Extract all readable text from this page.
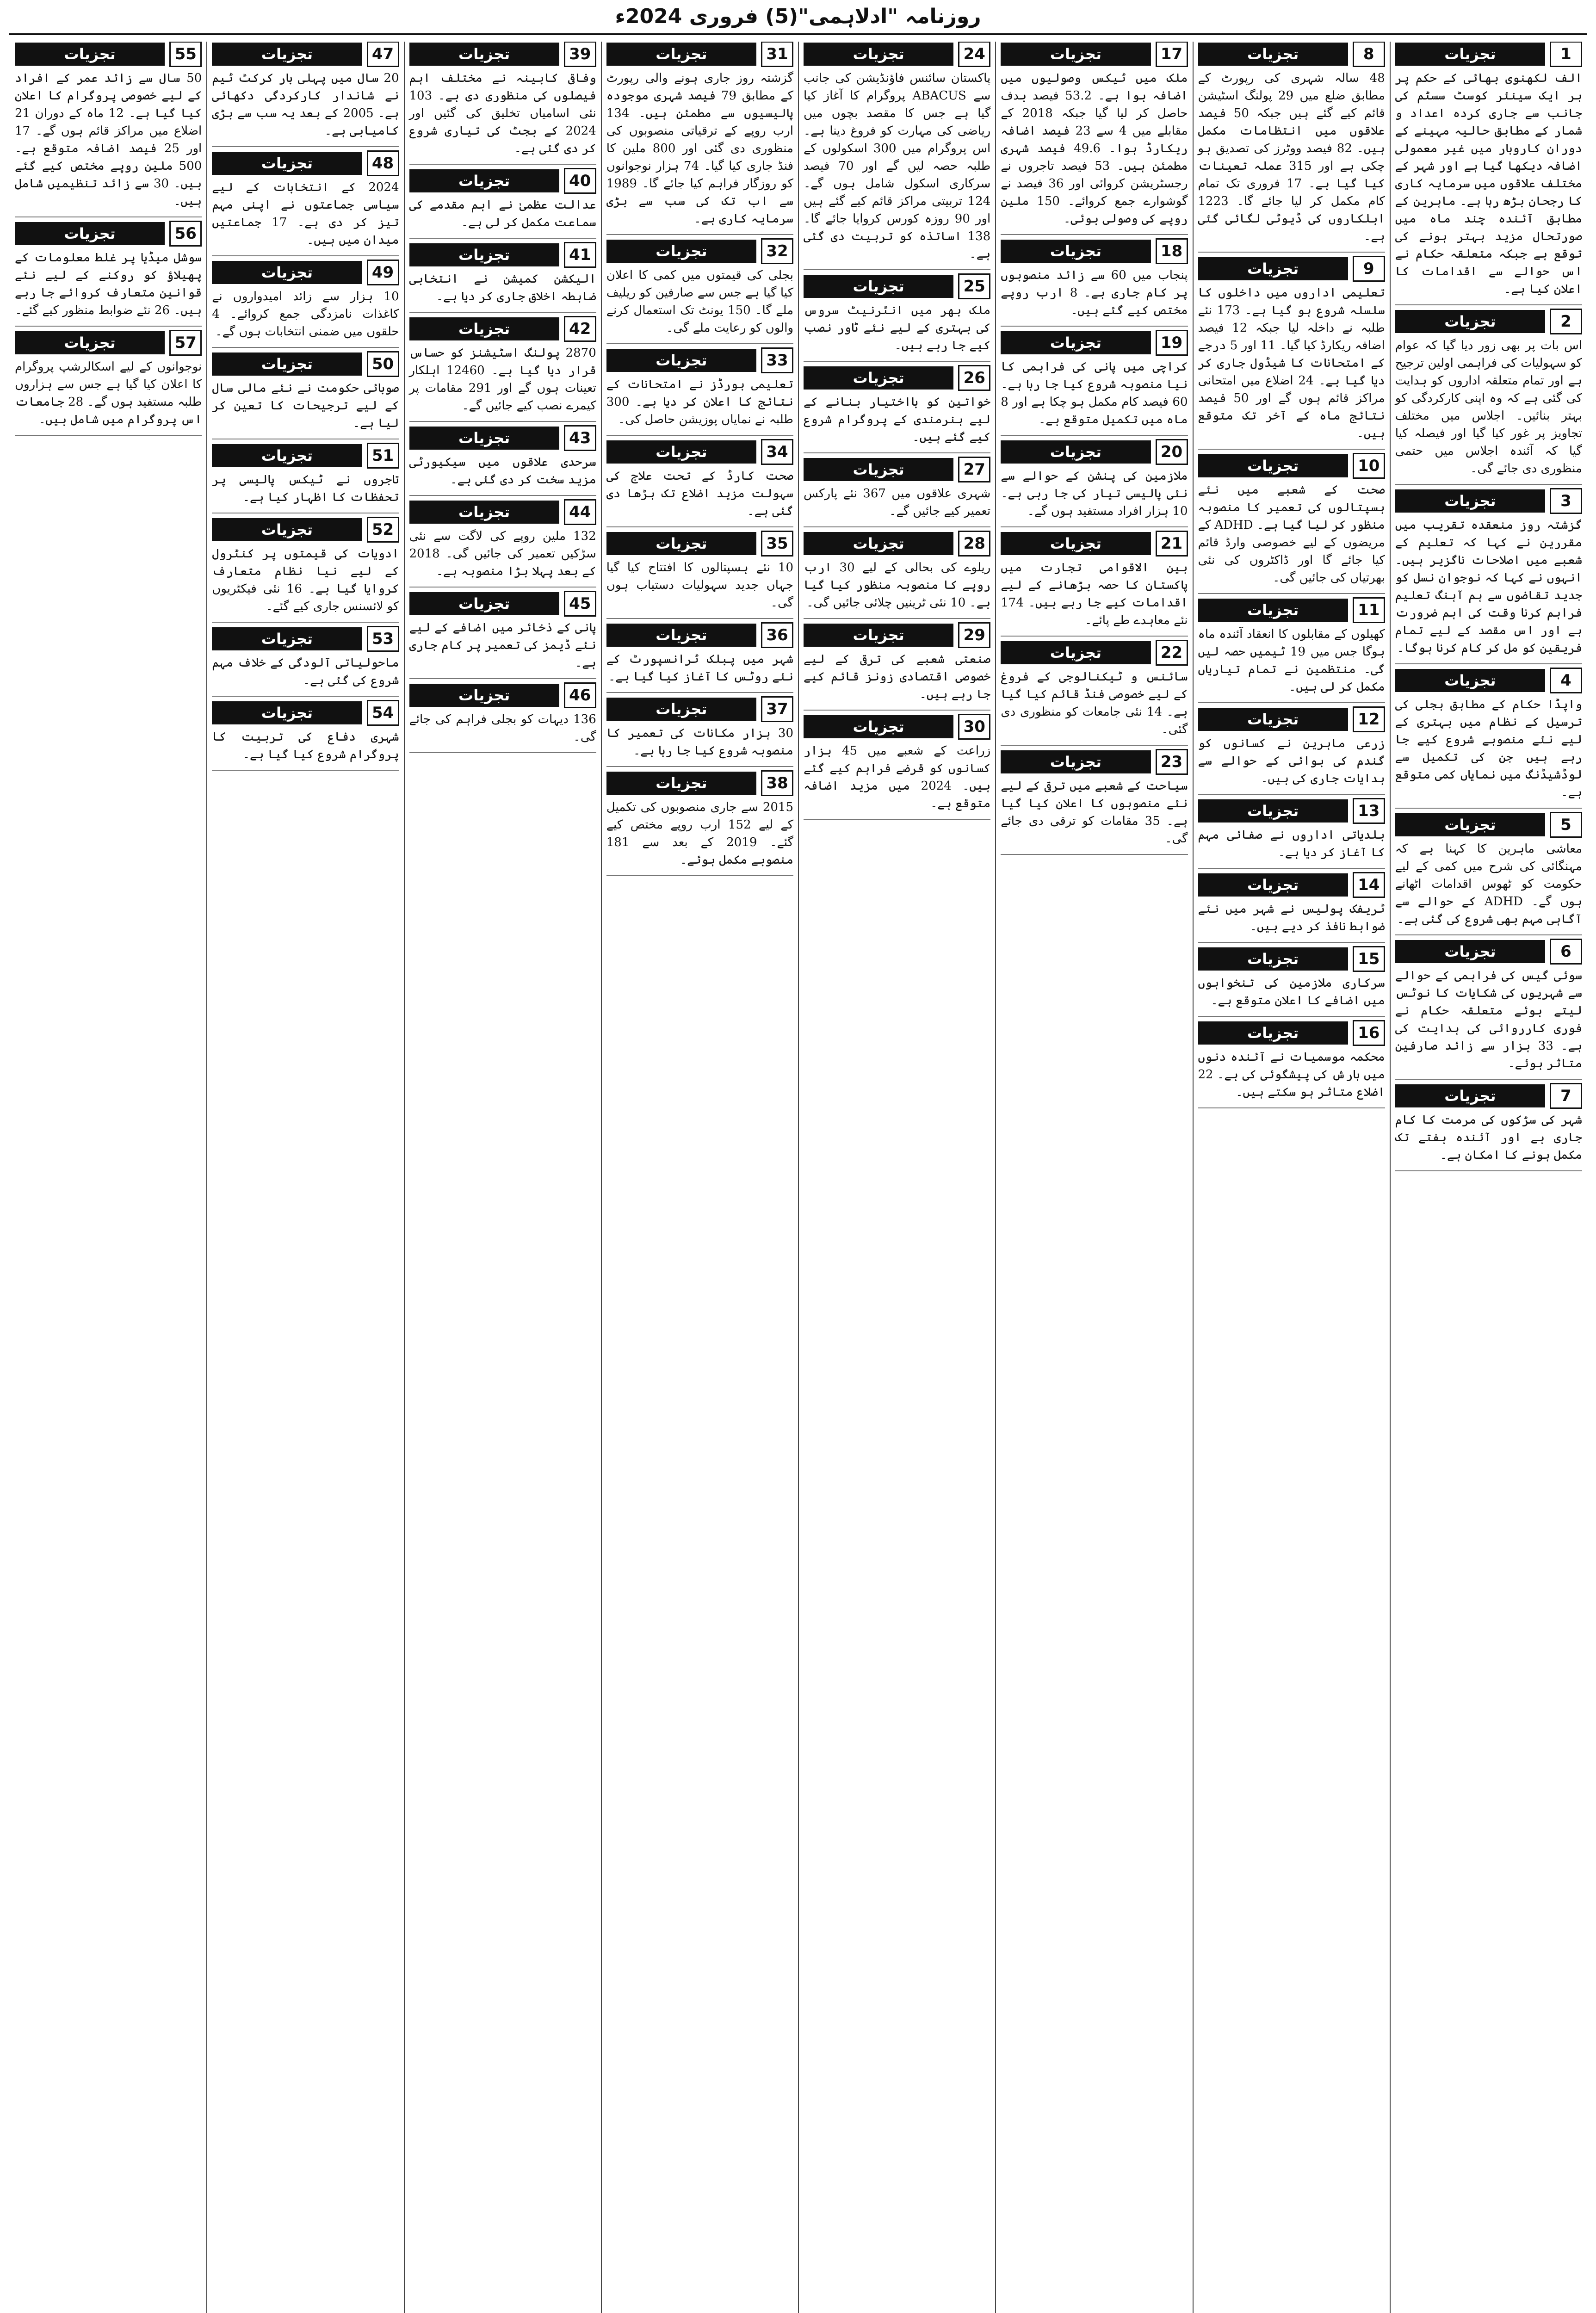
روزنامہ "ادلاہمی"(5) فروری 2024ء
1
تجزیات
الف لکھنوی بھائی کے حکم پر ہر ایک سینئر کوسٹ سسٹم کی جانب سے جاری کردہ اعداد و شمار کے مطابق حالیہ مہینے کے دوران کاروبار میں غیر معمولی اضافہ دیکھا گیا ہے اور شہر کے مختلف علاقوں میں سرمایہ کاری کا رجحان بڑھ رہا ہے۔ ماہرین کے مطابق آئندہ چند ماہ میں صورتحال مزید بہتر ہونے کی توقع ہے جبکہ متعلقہ حکام نے اس حوالے سے اقدامات کا اعلان کیا ہے۔
2
تجزیات
اس بات پر بھی زور دیا گیا کہ عوام کو سہولیات کی فراہمی اولین ترجیح ہے اور تمام متعلقہ اداروں کو ہدایت کی گئی ہے کہ وہ اپنی کارکردگی کو بہتر بنائیں۔ اجلاس میں مختلف تجاویز پر غور کیا گیا اور فیصلہ کیا گیا کہ آئندہ اجلاس میں حتمی منظوری دی جائے گی۔
3
تجزیات
گزشتہ روز منعقدہ تقریب میں مقررین نے کہا کہ تعلیم کے شعبے میں اصلاحات ناگزیر ہیں۔ انہوں نے کہا کہ نوجوان نسل کو جدید تقاضوں سے ہم آہنگ تعلیم فراہم کرنا وقت کی اہم ضرورت ہے اور اس مقصد کے لیے تمام فریقین کو مل کر کام کرنا ہوگا۔
4
تجزیات
واپڈا حکام کے مطابق بجلی کی ترسیل کے نظام میں بہتری کے لیے نئے منصوبے شروع کیے جا رہے ہیں جن کی تکمیل سے لوڈشیڈنگ میں نمایاں کمی متوقع ہے۔
5
تجزیات
معاشی ماہرین کا کہنا ہے کہ مہنگائی کی شرح میں کمی کے لیے حکومت کو ٹھوس اقدامات اٹھانے ہوں گے۔ ADHD کے حوالے سے آگاہی مہم بھی شروع کی گئی ہے۔
6
تجزیات
سوئی گیس کی فراہمی کے حوالے سے شہریوں کی شکایات کا نوٹس لیتے ہوئے متعلقہ حکام نے فوری کارروائی کی ہدایت کی ہے۔ 33 ہزار سے زائد صارفین متاثر ہوئے۔
7
تجزیات
شہر کی سڑکوں کی مرمت کا کام جاری ہے اور آئندہ ہفتے تک مکمل ہونے کا امکان ہے۔
8
تجزیات
48 سالہ شہری کی رپورٹ کے مطابق ضلع میں 29 پولنگ اسٹیشن قائم کیے گئے ہیں جبکہ 50 فیصد علاقوں میں انتظامات مکمل ہیں۔ 82 فیصد ووٹرز کی تصدیق ہو چکی ہے اور 315 عملہ تعینات کیا گیا ہے۔ 17 فروری تک تمام کام مکمل کر لیا جائے گا۔ 1223 اہلکاروں کی ڈیوٹی لگائی گئی ہے۔
9
تجزیات
تعلیمی اداروں میں داخلوں کا سلسلہ شروع ہو گیا ہے۔ 173 نئے طلبہ نے داخلہ لیا جبکہ 12 فیصد اضافہ ریکارڈ کیا گیا۔ 11 اور 5 درجے کے امتحانات کا شیڈول جاری کر دیا گیا ہے۔ 24 اضلاع میں امتحانی مراکز قائم ہوں گے اور 50 فیصد نتائج ماہ کے آخر تک متوقع ہیں۔
10
تجزیات
صحت کے شعبے میں نئے ہسپتالوں کی تعمیر کا منصوبہ منظور کر لیا گیا ہے۔ ADHD کے مریضوں کے لیے خصوصی وارڈ قائم کیا جائے گا اور ڈاکٹروں کی نئی بھرتیاں کی جائیں گی۔
11
تجزیات
کھیلوں کے مقابلوں کا انعقاد آئندہ ماہ ہوگا جس میں 19 ٹیمیں حصہ لیں گی۔ منتظمین نے تمام تیاریاں مکمل کر لی ہیں۔
12
تجزیات
زرعی ماہرین نے کسانوں کو گندم کی بوائی کے حوالے سے ہدایات جاری کی ہیں۔
13
تجزیات
بلدیاتی اداروں نے صفائی مہم کا آغاز کر دیا ہے۔
14
تجزیات
ٹریفک پولیس نے شہر میں نئے ضوابط نافذ کر دیے ہیں۔
15
تجزیات
سرکاری ملازمین کی تنخواہوں میں اضافے کا اعلان متوقع ہے۔
16
تجزیات
محکمہ موسمیات نے آئندہ دنوں میں بارش کی پیشگوئی کی ہے۔ 22 اضلاع متاثر ہو سکتے ہیں۔
17
تجزیات
ملک میں ٹیکس وصولیوں میں اضافہ ہوا ہے۔ 53.2 فیصد ہدف حاصل کر لیا گیا جبکہ 2018 کے مقابلے میں 4 سے 23 فیصد اضافہ ریکارڈ ہوا۔ 49.6 فیصد شہری مطمئن ہیں۔ 53 فیصد تاجروں نے رجسٹریشن کروائی اور 36 فیصد نے گوشوارے جمع کروائے۔ 150 ملین روپے کی وصولی ہوئی۔
18
تجزیات
پنجاب میں 60 سے زائد منصوبوں پر کام جاری ہے۔ 8 ارب روپے مختص کیے گئے ہیں۔
19
تجزیات
کراچی میں پانی کی فراہمی کا نیا منصوبہ شروع کیا جا رہا ہے۔ 60 فیصد کام مکمل ہو چکا ہے اور 8 ماہ میں تکمیل متوقع ہے۔
20
تجزیات
ملازمین کی پنشن کے حوالے سے نئی پالیسی تیار کی جا رہی ہے۔ 10 ہزار افراد مستفید ہوں گے۔
21
تجزیات
بین الاقوامی تجارت میں پاکستان کا حصہ بڑھانے کے لیے اقدامات کیے جا رہے ہیں۔ 174 نئے معاہدے طے پائے۔
22
تجزیات
سائنس و ٹیکنالوجی کے فروغ کے لیے خصوصی فنڈ قائم کیا گیا ہے۔ 14 نئی جامعات کو منظوری دی گئی۔
23
تجزیات
سیاحت کے شعبے میں ترقی کے لیے نئے منصوبوں کا اعلان کیا گیا ہے۔ 35 مقامات کو ترقی دی جائے گی۔
24
تجزیات
پاکستان سائنس فاؤنڈیشن کی جانب سے ABACUS پروگرام کا آغاز کیا گیا ہے جس کا مقصد بچوں میں ریاضی کی مہارت کو فروغ دینا ہے۔ اس پروگرام میں 300 اسکولوں کے طلبہ حصہ لیں گے اور 70 فیصد سرکاری اسکول شامل ہوں گے۔ 124 تربیتی مراکز قائم کیے گئے ہیں اور 90 روزہ کورس کروایا جائے گا۔ 138 اساتذہ کو تربیت دی گئی ہے۔
25
تجزیات
ملک بھر میں انٹرنیٹ سروس کی بہتری کے لیے نئے ٹاور نصب کیے جا رہے ہیں۔
26
تجزیات
خواتین کو بااختیار بنانے کے لیے ہنرمندی کے پروگرام شروع کیے گئے ہیں۔
27
تجزیات
شہری علاقوں میں 367 نئے پارکس تعمیر کیے جائیں گے۔
28
تجزیات
ریلوے کی بحالی کے لیے 30 ارب روپے کا منصوبہ منظور کیا گیا ہے۔ 10 نئی ٹرینیں چلائی جائیں گی۔
29
تجزیات
صنعتی شعبے کی ترقی کے لیے خصوصی اقتصادی زونز قائم کیے جا رہے ہیں۔
30
تجزیات
زراعت کے شعبے میں 45 ہزار کسانوں کو قرضے فراہم کیے گئے ہیں۔ 2024 میں مزید اضافہ متوقع ہے۔
31
تجزیات
گزشتہ روز جاری ہونے والی رپورٹ کے مطابق 79 فیصد شہری موجودہ پالیسیوں سے مطمئن ہیں۔ 134 ارب روپے کے ترقیاتی منصوبوں کی منظوری دی گئی اور 800 ملین کا فنڈ جاری کیا گیا۔ 74 ہزار نوجوانوں کو روزگار فراہم کیا جائے گا۔ 1989 سے اب تک کی سب سے بڑی سرمایہ کاری ہے۔
32
تجزیات
بجلی کی قیمتوں میں کمی کا اعلان کیا گیا ہے جس سے صارفین کو ریلیف ملے گا۔ 150 یونٹ تک استعمال کرنے والوں کو رعایت ملے گی۔
33
تجزیات
تعلیمی بورڈز نے امتحانات کے نتائج کا اعلان کر دیا ہے۔ 300 طلبہ نے نمایاں پوزیشن حاصل کی۔
34
تجزیات
صحت کارڈ کے تحت علاج کی سہولت مزید اضلاع تک بڑھا دی گئی ہے۔
35
تجزیات
10 نئے ہسپتالوں کا افتتاح کیا گیا جہاں جدید سہولیات دستیاب ہوں گی۔
36
تجزیات
شہر میں پبلک ٹرانسپورٹ کے نئے روٹس کا آغاز کیا گیا ہے۔
37
تجزیات
30 ہزار مکانات کی تعمیر کا منصوبہ شروع کیا جا رہا ہے۔
38
تجزیات
2015 سے جاری منصوبوں کی تکمیل کے لیے 152 ارب روپے مختص کیے گئے۔ 2019 کے بعد سے 181 منصوبے مکمل ہوئے۔
39
تجزیات
وفاقی کابینہ نے مختلف اہم فیصلوں کی منظوری دی ہے۔ 103 نئی اسامیاں تخلیق کی گئیں اور 2024 کے بجٹ کی تیاری شروع کر دی گئی ہے۔
40
تجزیات
عدالت عظمیٰ نے اہم مقدمے کی سماعت مکمل کر لی ہے۔
41
تجزیات
الیکشن کمیشن نے انتخابی ضابطہ اخلاق جاری کر دیا ہے۔
42
تجزیات
2870 پولنگ اسٹیشنز کو حساس قرار دیا گیا ہے۔ 12460 اہلکار تعینات ہوں گے اور 291 مقامات پر کیمرے نصب کیے جائیں گے۔
43
تجزیات
سرحدی علاقوں میں سیکیورٹی مزید سخت کر دی گئی ہے۔
44
تجزیات
132 ملین روپے کی لاگت سے نئی سڑکیں تعمیر کی جائیں گی۔ 2018 کے بعد پہلا بڑا منصوبہ ہے۔
45
تجزیات
پانی کے ذخائر میں اضافے کے لیے نئے ڈیمز کی تعمیر پر کام جاری ہے۔
46
تجزیات
136 دیہات کو بجلی فراہم کی جائے گی۔
47
تجزیات
20 سال میں پہلی بار کرکٹ ٹیم نے شاندار کارکردگی دکھائی ہے۔ 2005 کے بعد یہ سب سے بڑی کامیابی ہے۔
48
تجزیات
2024 کے انتخابات کے لیے سیاسی جماعتوں نے اپنی مہم تیز کر دی ہے۔ 17 جماعتیں میدان میں ہیں۔
49
تجزیات
10 ہزار سے زائد امیدواروں نے کاغذات نامزدگی جمع کروائے۔ 4 حلقوں میں ضمنی انتخابات ہوں گے۔
50
تجزیات
صوبائی حکومت نے نئے مالی سال کے لیے ترجیحات کا تعین کر لیا ہے۔
51
تجزیات
تاجروں نے ٹیکس پالیسی پر تحفظات کا اظہار کیا ہے۔
52
تجزیات
ادویات کی قیمتوں پر کنٹرول کے لیے نیا نظام متعارف کروایا گیا ہے۔ 16 نئی فیکٹریوں کو لائسنس جاری کیے گئے۔
53
تجزیات
ماحولیاتی آلودگی کے خلاف مہم شروع کی گئی ہے۔
54
تجزیات
شہری دفاع کی تربیت کا پروگرام شروع کیا گیا ہے۔
55
تجزیات
50 سال سے زائد عمر کے افراد کے لیے خصوصی پروگرام کا اعلان کیا گیا ہے۔ 12 ماہ کے دوران 21 اضلاع میں مراکز قائم ہوں گے۔ 17 اور 25 فیصد اضافہ متوقع ہے۔ 500 ملین روپے مختص کیے گئے ہیں۔ 30 سے زائد تنظیمیں شامل ہیں۔
56
تجزیات
سوشل میڈیا پر غلط معلومات کے پھیلاؤ کو روکنے کے لیے نئے قوانین متعارف کروائے جا رہے ہیں۔ 26 نئے ضوابط منظور کیے گئے۔
57
تجزیات
نوجوانوں کے لیے اسکالرشپ پروگرام کا اعلان کیا گیا ہے جس سے ہزاروں طلبہ مستفید ہوں گے۔ 28 جامعات اس پروگرام میں شامل ہیں۔
